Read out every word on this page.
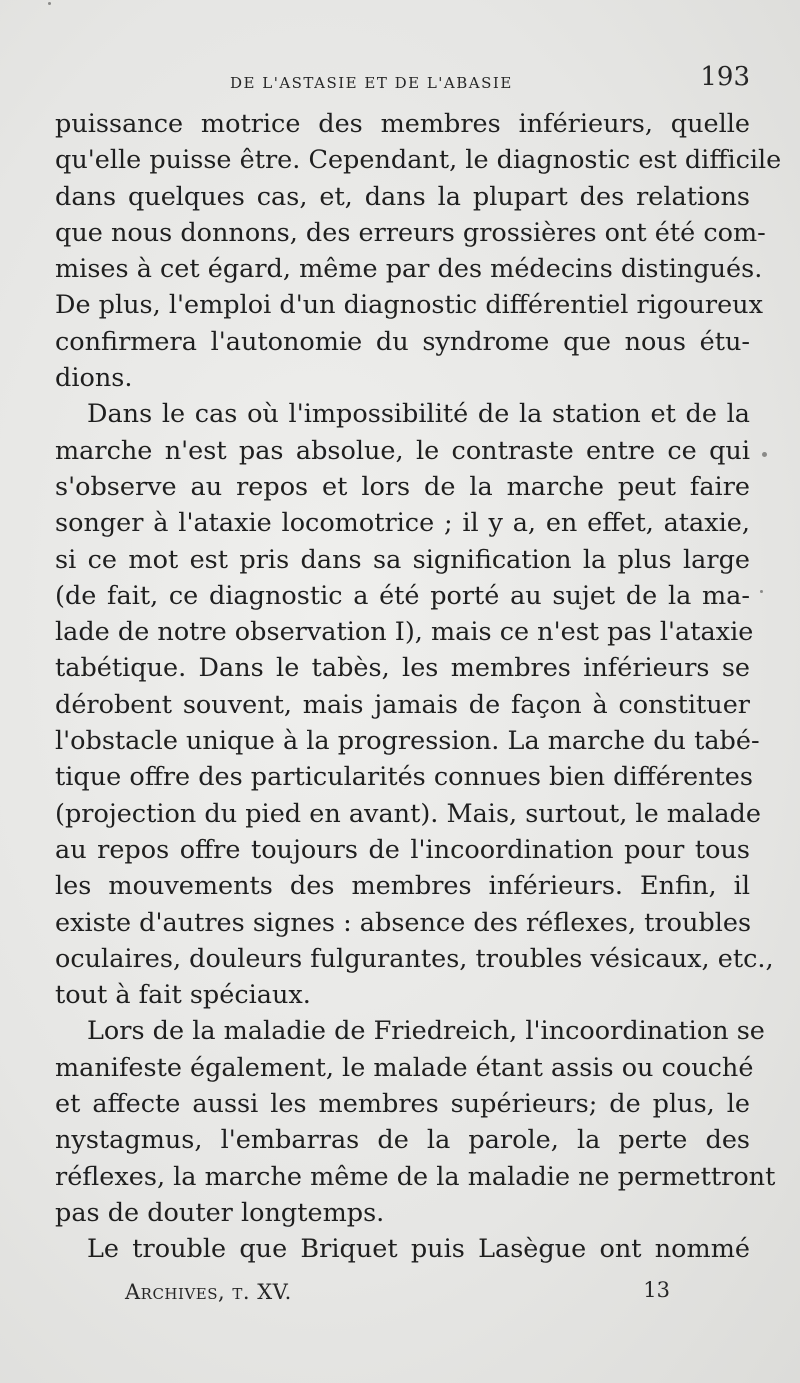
DE L'ASTASIE ET DE L'ABASIE	193
puissance motrice des membres inférieurs, quelle
qu'elle puisse être. Cependant, le diagnostic est difficile
dans quelques cas, et, dans la plupart des relations
que nous donnons, des erreurs grossières ont été com-
mises à cet égard, même par des médecins distingués.
De plus, l'emploi d'un diagnostic différentiel rigoureux
confirmera l'autonomie du syndrome que nous étu-
dions.
Dans le cas où l'impossibilité de la station et de la
marche n'est pas absolue, le contraste entre ce qui
s'observe au repos et lors de la marche peut faire
songer à l'ataxie locomotrice ; il y a, en effet, ataxie,
si ce mot est pris dans sa signification la plus large
(de fait, ce diagnostic a été porté au sujet de la ma-
lade de notre observation I), mais ce n'est pas l'ataxie
tabétique. Dans le tabès, les membres inférieurs se
dérobent souvent, mais jamais de façon à constituer
l'obstacle unique à la progression. La marche du tabé-
tique offre des particularités connues bien différentes
(projection du pied en avant). Mais, surtout, le malade
au repos offre toujours de l'incoordination pour tous
les mouvements des membres inférieurs. Enfin, il
existe d'autres signes : absence des réflexes, troubles
oculaires, douleurs fulgurantes, troubles vésicaux, etc.,
tout à fait spéciaux.
Lors de la maladie de Friedreich, l'incoordination se
manifeste également, le malade étant assis ou couché
et affecte aussi les membres supérieurs; de plus, le
nystagmus, l'embarras de la parole, la perte des
réflexes, la marche même de la maladie ne permettront
pas de douter longtemps.
Le trouble que Briquet puis Lasègue ont nommé
Archives, t. XV.	13
